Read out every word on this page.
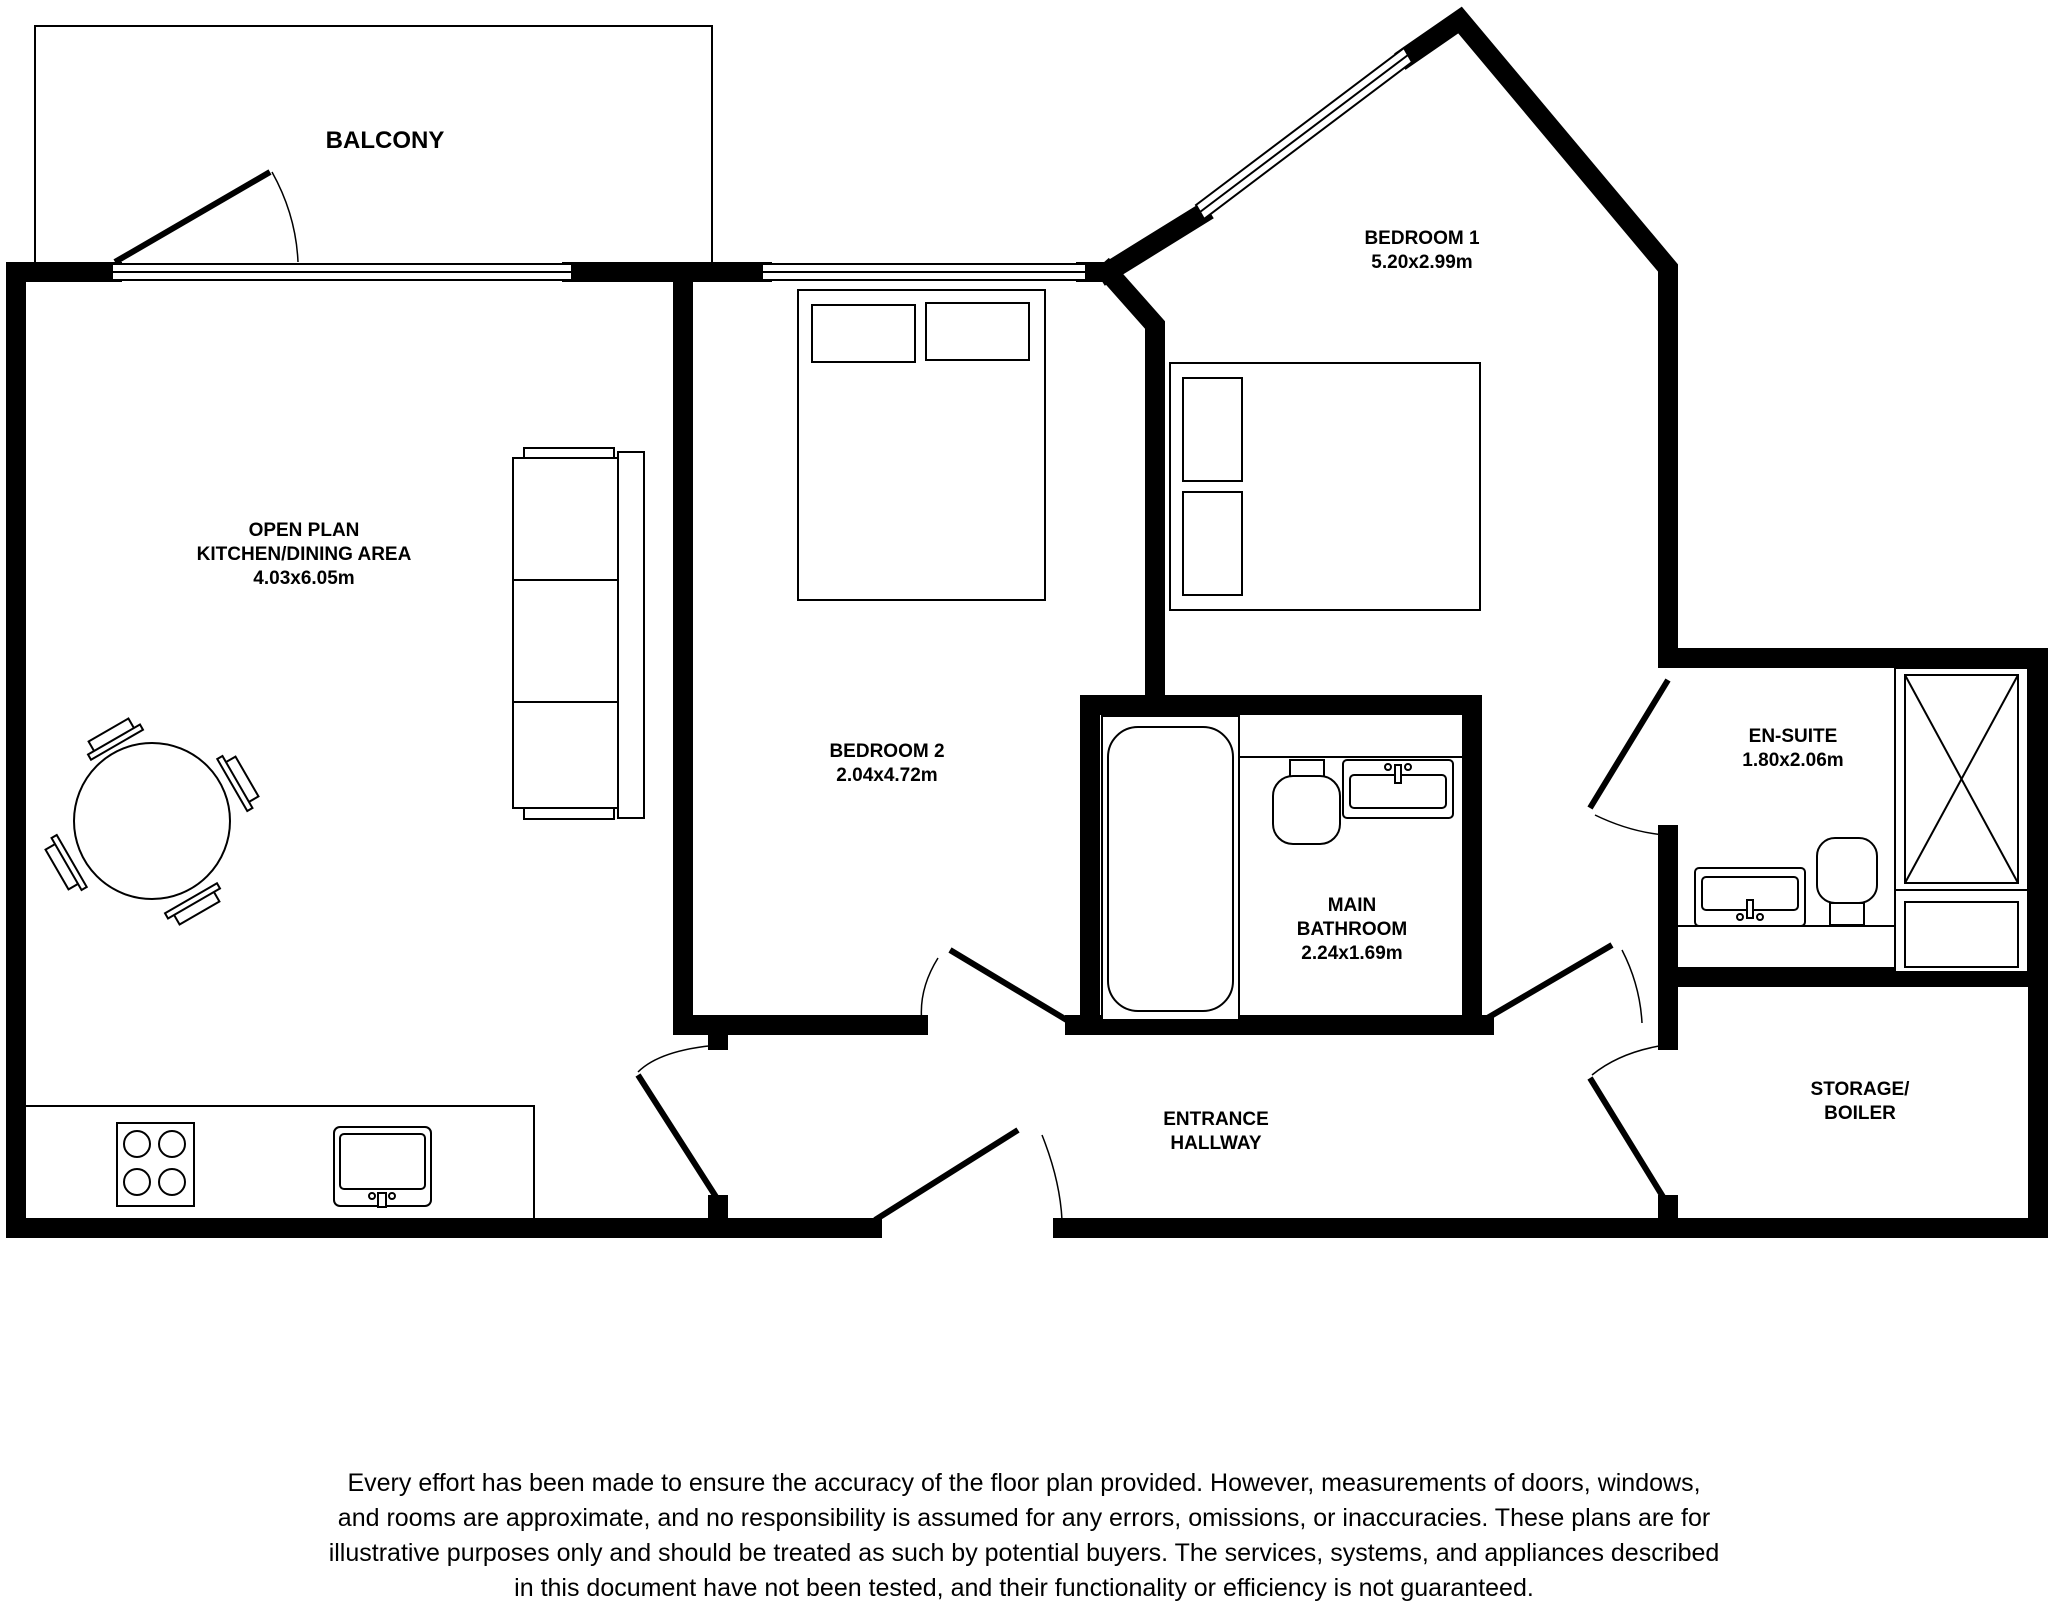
BALCONY
OPEN PLAN
KITCHEN/DINING AREA
4.03x6.05m
BEDROOM 1
5.20x2.99m
BEDROOM 2
2.04x4.72m
EN-SUITE
1.80x2.06m
MAIN
BATHROOM
2.24x1.69m
ENTRANCE
HALLWAY
STORAGE/
BOILER
Every effort has been made to ensure the accuracy of the floor plan provided. However, measurements of doors, windows,
and rooms are approximate, and no responsibility is assumed for any errors, omissions, or inaccuracies. These plans are for
illustrative purposes only and should be treated as such by potential buyers. The services, systems, and appliances described
in this document have not been tested, and their functionality or efficiency is not guaranteed.
